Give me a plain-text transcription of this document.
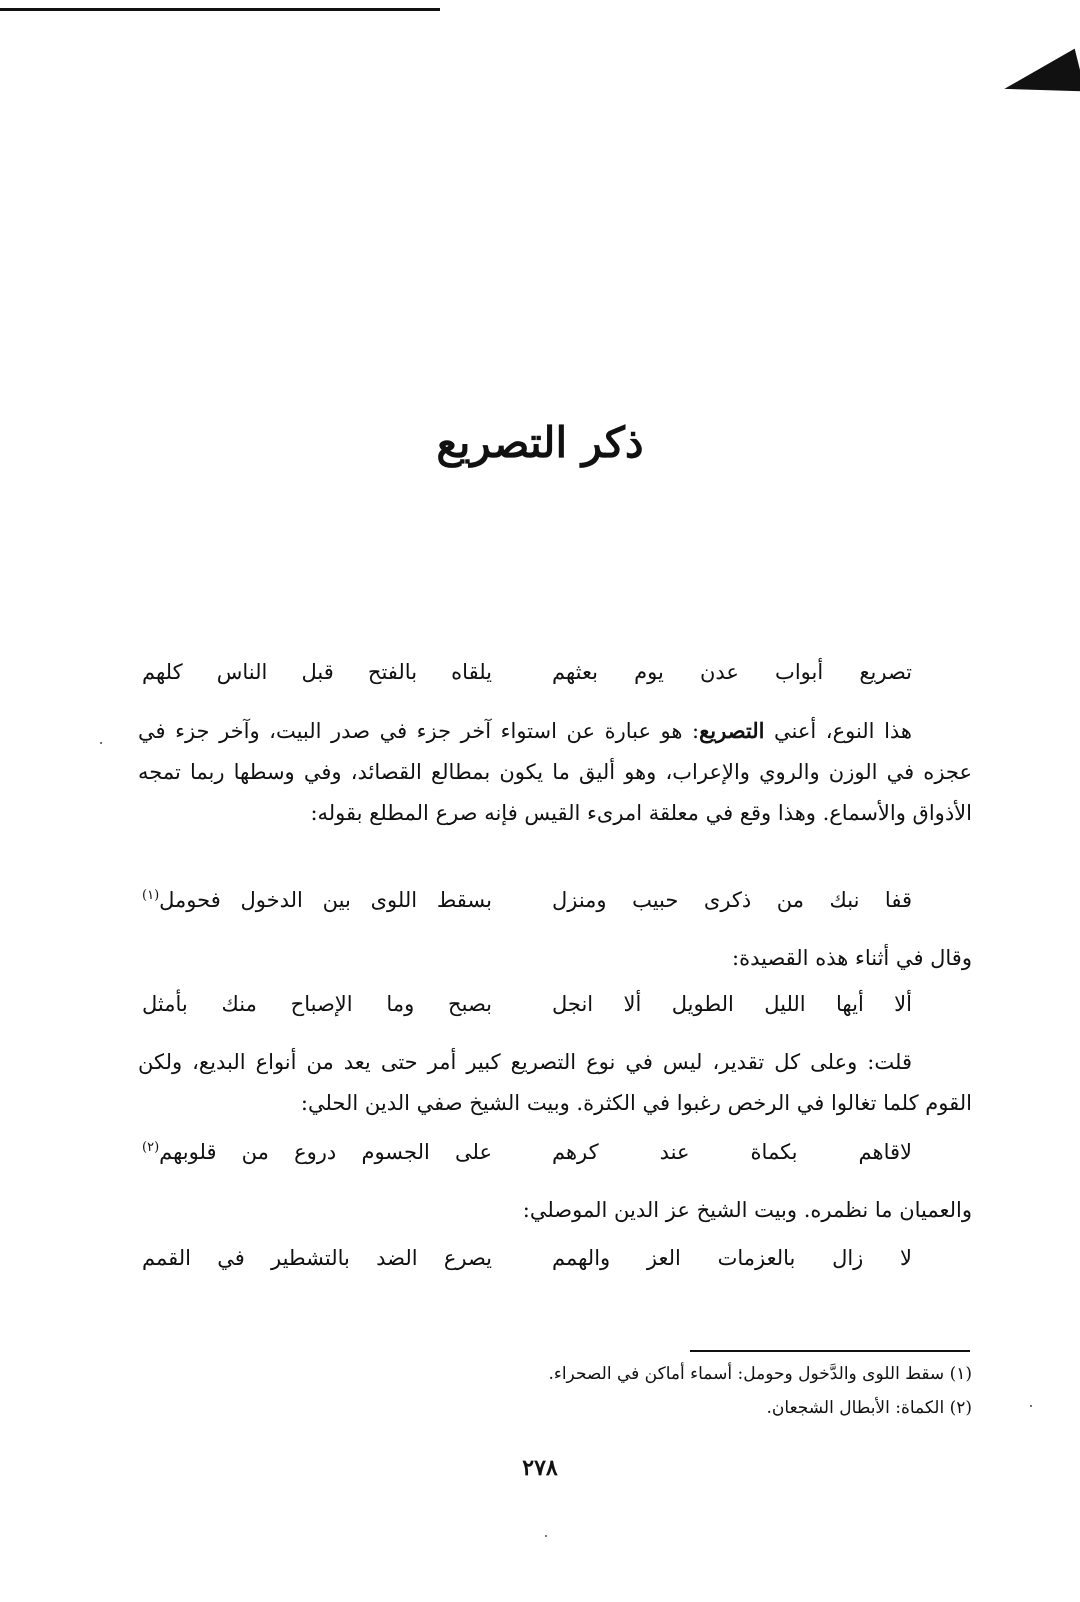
ذكر التصريع
تصريع أبواب عدن يوم بعثهم
يلقاه بالفتح قبل الناس كلهم
هذا النوع، أعني التصريع: هو عبارة عن استواء آخر جزء في صدر البيت، وآخر جزء في عجزه في الوزن والروي والإعراب، وهو أليق ما يكون بمطالع القصائد، وفي وسطها ربما تمجه الأذواق والأسماع. وهذا وقع في معلقة امرىء القيس فإنه صرع المطلع بقوله:
قفا نبك من ذكرى حبيب ومنزل
بسقط اللوى بين الدخول فحومل$^{(١)}$
وقال في أثناء هذه القصيدة:
ألا أيها الليل الطويل ألا انجل
بصبح وما الإصباح منك بأمثل
قلت: وعلى كل تقدير، ليس في نوع التصريع كبير أمر حتى يعد من أنواع البديع، ولكن القوم كلما تغالوا في الرخص رغبوا في الكثرة. وبيت الشيخ صفي الدين الحلي:
لاقاهم بكماة عند كرهم
على الجسوم دروع من قلوبهم$^{(٢)}$
والعميان ما نظمره. وبيت الشيخ عز الدين الموصلي:
لا زال بالعزمات العز والهمم
يصرع الضد بالتشطير في القمم
(١) سقط اللوى والدَّخول وحومل: أسماء أماكن في الصحراء.
(٢) الكماة: الأبطال الشجعان.
٢٧٨
